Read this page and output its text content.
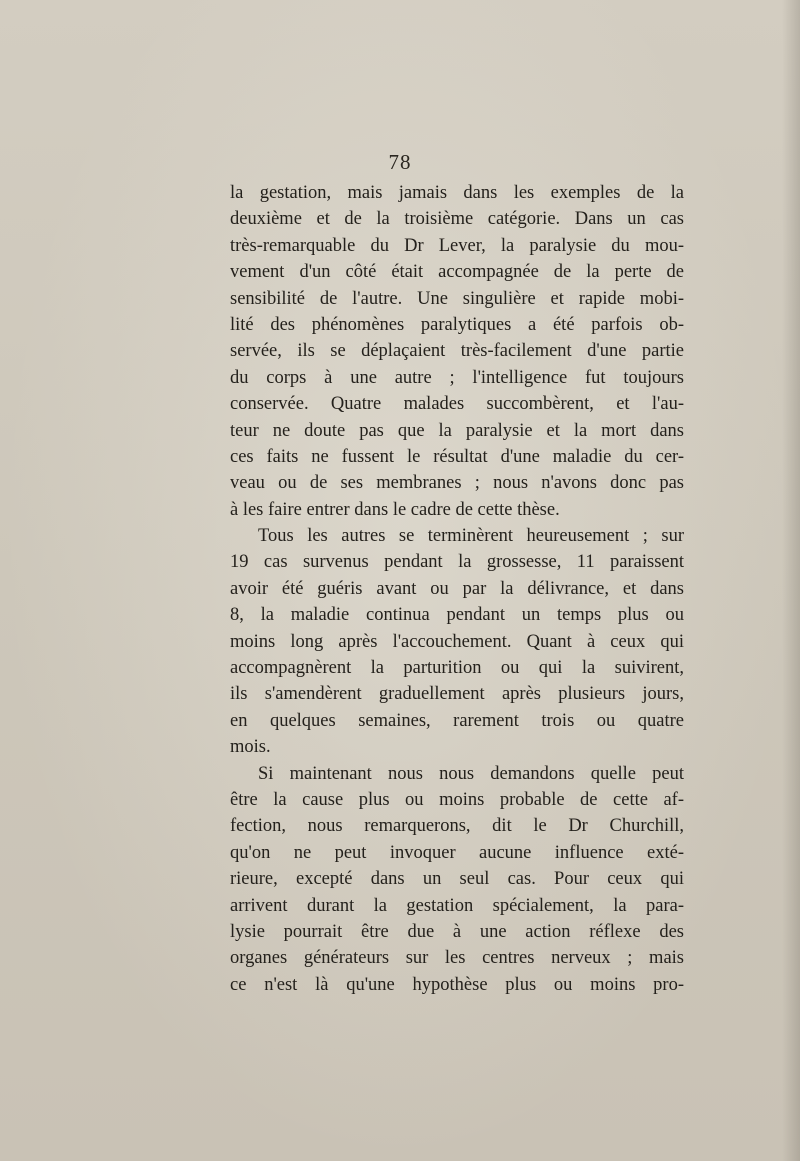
78
la gestation, mais jamais dans les exemples de la
deuxième et de la troisième catégorie. Dans un cas
très-remarquable du Dr Lever, la paralysie du mou-
vement d'un côté était accompagnée de la perte de
sensibilité de l'autre. Une singulière et rapide mobi-
lité des phénomènes paralytiques a été parfois ob-
servée, ils se déplaçaient très-facilement d'une partie
du corps à une autre ; l'intelligence fut toujours
conservée. Quatre malades succombèrent, et l'au-
teur ne doute pas que la paralysie et la mort dans
ces faits ne fussent le résultat d'une maladie du cer-
veau ou de ses membranes ; nous n'avons donc pas
à les faire entrer dans le cadre de cette thèse.
Tous les autres se terminèrent heureusement ; sur
19 cas survenus pendant la grossesse, 11 paraissent
avoir été guéris avant ou par la délivrance, et dans
8, la maladie continua pendant un temps plus ou
moins long après l'accouchement. Quant à ceux qui
accompagnèrent la parturition ou qui la suivirent,
ils s'amendèrent graduellement après plusieurs jours,
en quelques semaines, rarement trois ou quatre
mois.
Si maintenant nous nous demandons quelle peut
être la cause plus ou moins probable de cette af-
fection, nous remarquerons, dit le Dr Churchill,
qu'on ne peut invoquer aucune influence exté-
rieure, excepté dans un seul cas. Pour ceux qui
arrivent durant la gestation spécialement, la para-
lysie pourrait être due à une action réflexe des
organes générateurs sur les centres nerveux ; mais
ce n'est là qu'une hypothèse plus ou moins pro-
